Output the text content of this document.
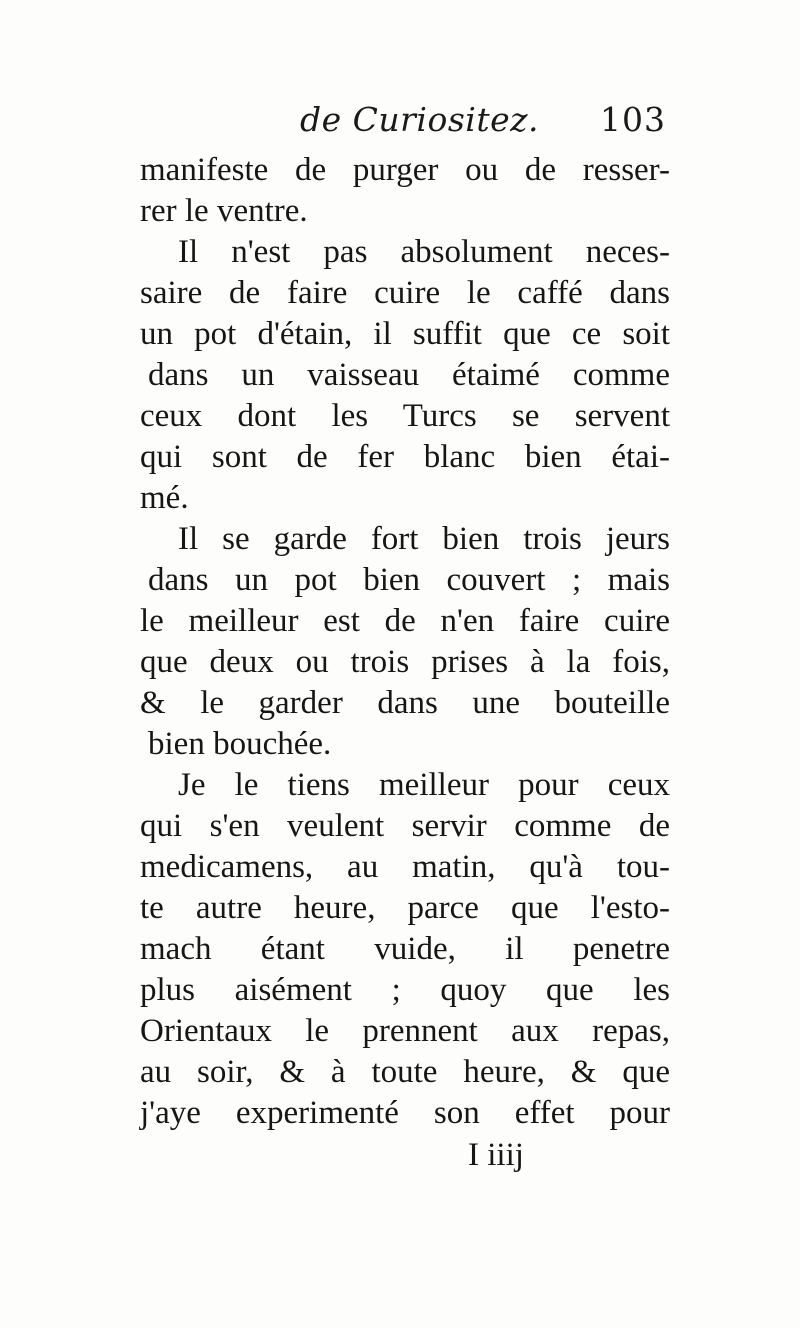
de Curiositez. 103
manifeste de purger ou de resser-
rer le ventre.
Il n'est pas absolument neces-
saire de faire cuire le caffé dans
un pot d'étain, il suffit que ce soit
dans un vaisseau étaimé comme
ceux dont les Turcs se servent
qui sont de fer blanc bien étai-
mé.
Il se garde fort bien trois jeurs
dans un pot bien couvert ; mais
le meilleur est de n'en faire cuire
que deux ou trois prises à la fois,
& le garder dans une bouteille
bien bouchée.
Je le tiens meilleur pour ceux
qui s'en veulent servir comme de
medicamens, au matin, qu'à tou-
te autre heure, parce que l'esto-
mach étant vuide, il penetre
plus aisément ; quoy que les
Orientaux le prennent aux repas,
au soir, & à toute heure, & que
j'aye experimenté son effet pour
I iiij
